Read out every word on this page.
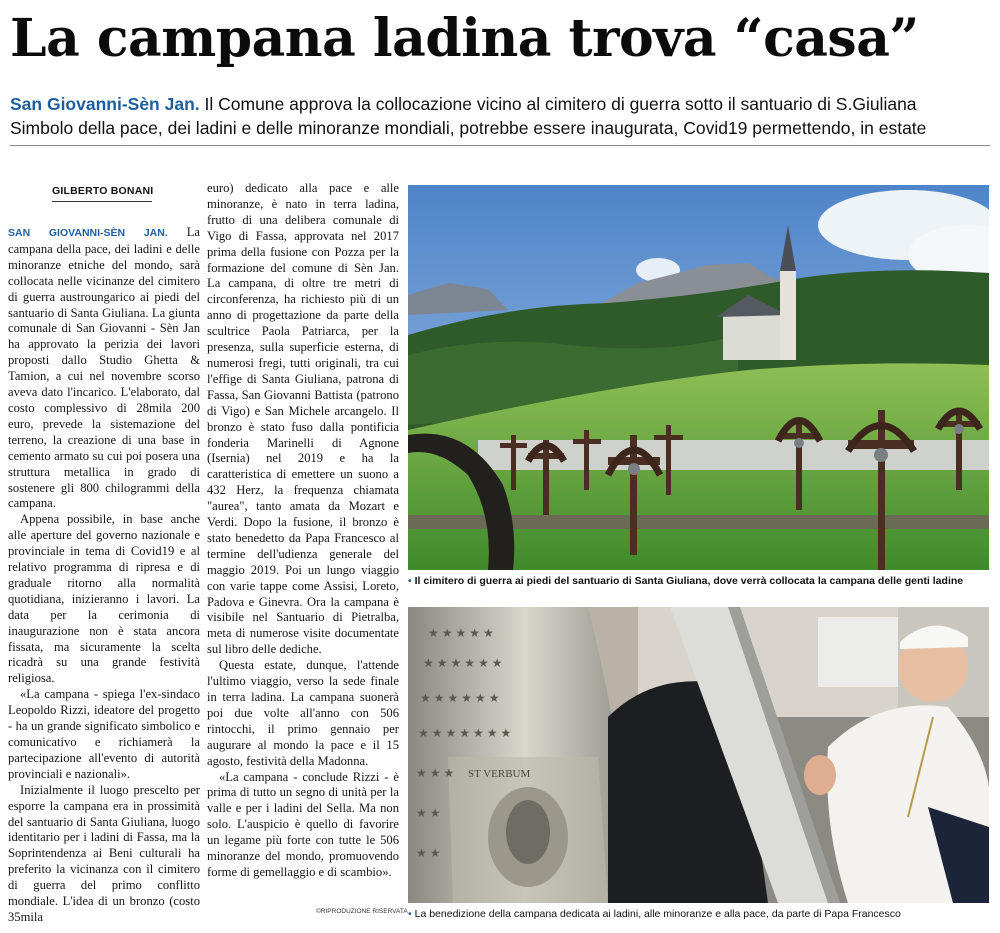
La campana ladina trova “casa”
San Giovanni-Sèn Jan. Il Comune approva la collocazione vicino al cimitero di guerra sotto il santuario di S.Giuliana
Simbolo della pace, dei ladini e delle minoranze mondiali, potrebbe essere inaugurata, Covid19 permettendo, in estate
GILBERTO BONANI

SAN GIOVANNI-SÈN JAN. La campana della pace, dei ladini e delle minoranze etniche del mondo, sarà collocata nelle vicinanze del cimitero di guerra austroungarico ai piedi del santuario di Santa Giuliana. La giunta comunale di San Giovanni - Sèn Jan ha approvato la perizia dei lavori proposti dallo Studio Ghetta & Tamion, a cui nel novembre scorso aveva dato l'incarico. L'elaborato, dal costo complessivo di 28mila 200 euro, prevede la sistemazione del terreno, la creazione di una base in cemento armato su cui poi posera una struttura metallica in grado di sostenere gli 800 chilogrammi della campana.

Appena possibile, in base anche alle aperture del governo nazionale e provinciale in tema di Covid19 e al relativo programma di ripresa e di graduale ritorno alla normalità quotidiana, inizieranno i lavori. La data per la cerimonia di inaugurazione non è stata ancora fissata, ma sicuramente la scelta ricadrà su una grande festività religiosa.

«La campana - spiega l'ex-sindaco Leopoldo Rizzi, ideatore del progetto - ha un grande significato simbolico e comunicativo e richiamerà la partecipazione all'evento di autorità provinciali e nazionali».

Inizialmente il luogo prescelto per esporre la campana era in prossimità del santuario di Santa Giuliana, luogo identitario per i ladini di Fassa, ma la Soprintendenza ai Beni culturali ha preferito la vicinanza con il cimitero di guerra del primo conflitto mondiale. L'idea di un bronzo (costo 35mila

euro) dedicato alla pace e alle minoranze, è nato in terra ladina, frutto di una delibera comunale di Vigo di Fassa, approvata nel 2017 prima della fusione con Pozza per la formazione del comune di Sèn Jan. La campana, di oltre tre metri di circonferenza, ha richiesto più di un anno di progettazione da parte della scultrice Paola Patriarca, per la presenza, sulla superficie esterna, di numerosi fregi, tutti originali, tra cui l'effige di Santa Giuliana, patrona di Fassa, San Giovanni Battista (patrono di Vigo) e San Michele arcangelo. Il bronzo è stato fuso dalla pontificia fonderia Marinelli di Agnone (Isernia) nel 2019 e ha la caratteristica di emettere un suono a 432 Herz, la frequenza chiamata "aurea", tanto amata da Mozart e Verdi. Dopo la fusione, il bronzo è stato benedetto da Papa Francesco al termine dell'udienza generale del maggio 2019. Poi un lungo viaggio con varie tappe come Assisi, Loreto, Padova e Ginevra. Ora la campana è visibile nel Santuario di Pietralba, meta di numerose visite documentate sul libro delle dediche.

Questa estate, dunque, l'attende l'ultimo viaggio, verso la sede finale in terra ladina. La campana suonerà poi due volte all'anno con 506 rintocchi, il primo gennaio per augurare al mondo la pace e il 15 agosto, festività della Madonna.

«La campana - conclude Rizzi - è prima di tutto un segno di unità per la valle e per i ladini del Sella. Ma non solo. L'auspicio è quello di favorire un legame più forte con tutte le 506 minoranze del mondo, promuovendo forme di gemellaggio e di scambio».

©RIPRODUZIONE RISERVATA
• Il cimitero di guerra ai piedi del santuario di Santa Giuliana, dove verrà collocata la campana delle genti ladine
★ ★ ★ ★ ★
★ ★ ★ ★ ★ ★
★ ★ ★ ★ ★ ★
★ ★ ★ ★ ★ ★ ★
★ ★ ★
★ ★
★ ★
ST VERBUM
• La benedizione della campana dedicata ai ladini, alle minoranze e alla pace, da parte di Papa Francesco
